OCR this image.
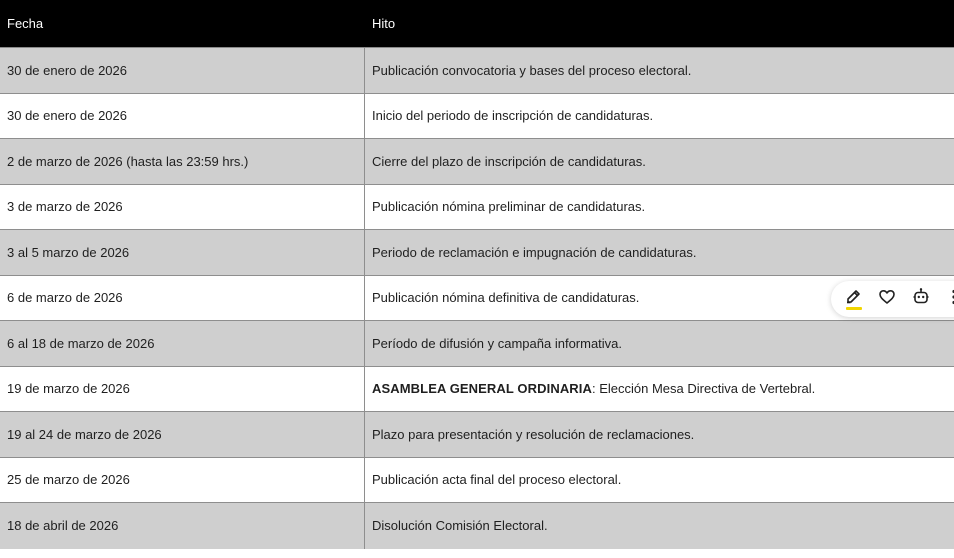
Fecha	Hito
30 de enero de 2026	Publicación convocatoria y bases del proceso electoral.
30 de enero de 2026	Inicio del periodo de inscripción de candidaturas.
2 de marzo de 2026 (hasta las 23:59 hrs.)	Cierre del plazo de inscripción de candidaturas.
3 de marzo de 2026	Publicación nómina preliminar de candidaturas.
3 al 5 marzo de 2026	Periodo de reclamación e impugnación de candidaturas.
6 de marzo de 2026	Publicación nómina definitiva de candidaturas.
6 al 18 de marzo de 2026	Período de difusión y campaña informativa.
19 de marzo de 2026	ASAMBLEA GENERAL ORDINARIA : Elección Mesa Directiva de Vertebral.
19 al 24 de marzo de 2026	Plazo para presentación y resolución de reclamaciones.
25 de marzo de 2026	Publicación acta final del proceso electoral.
18 de abril de 2026	Disolución Comisión Electoral.
